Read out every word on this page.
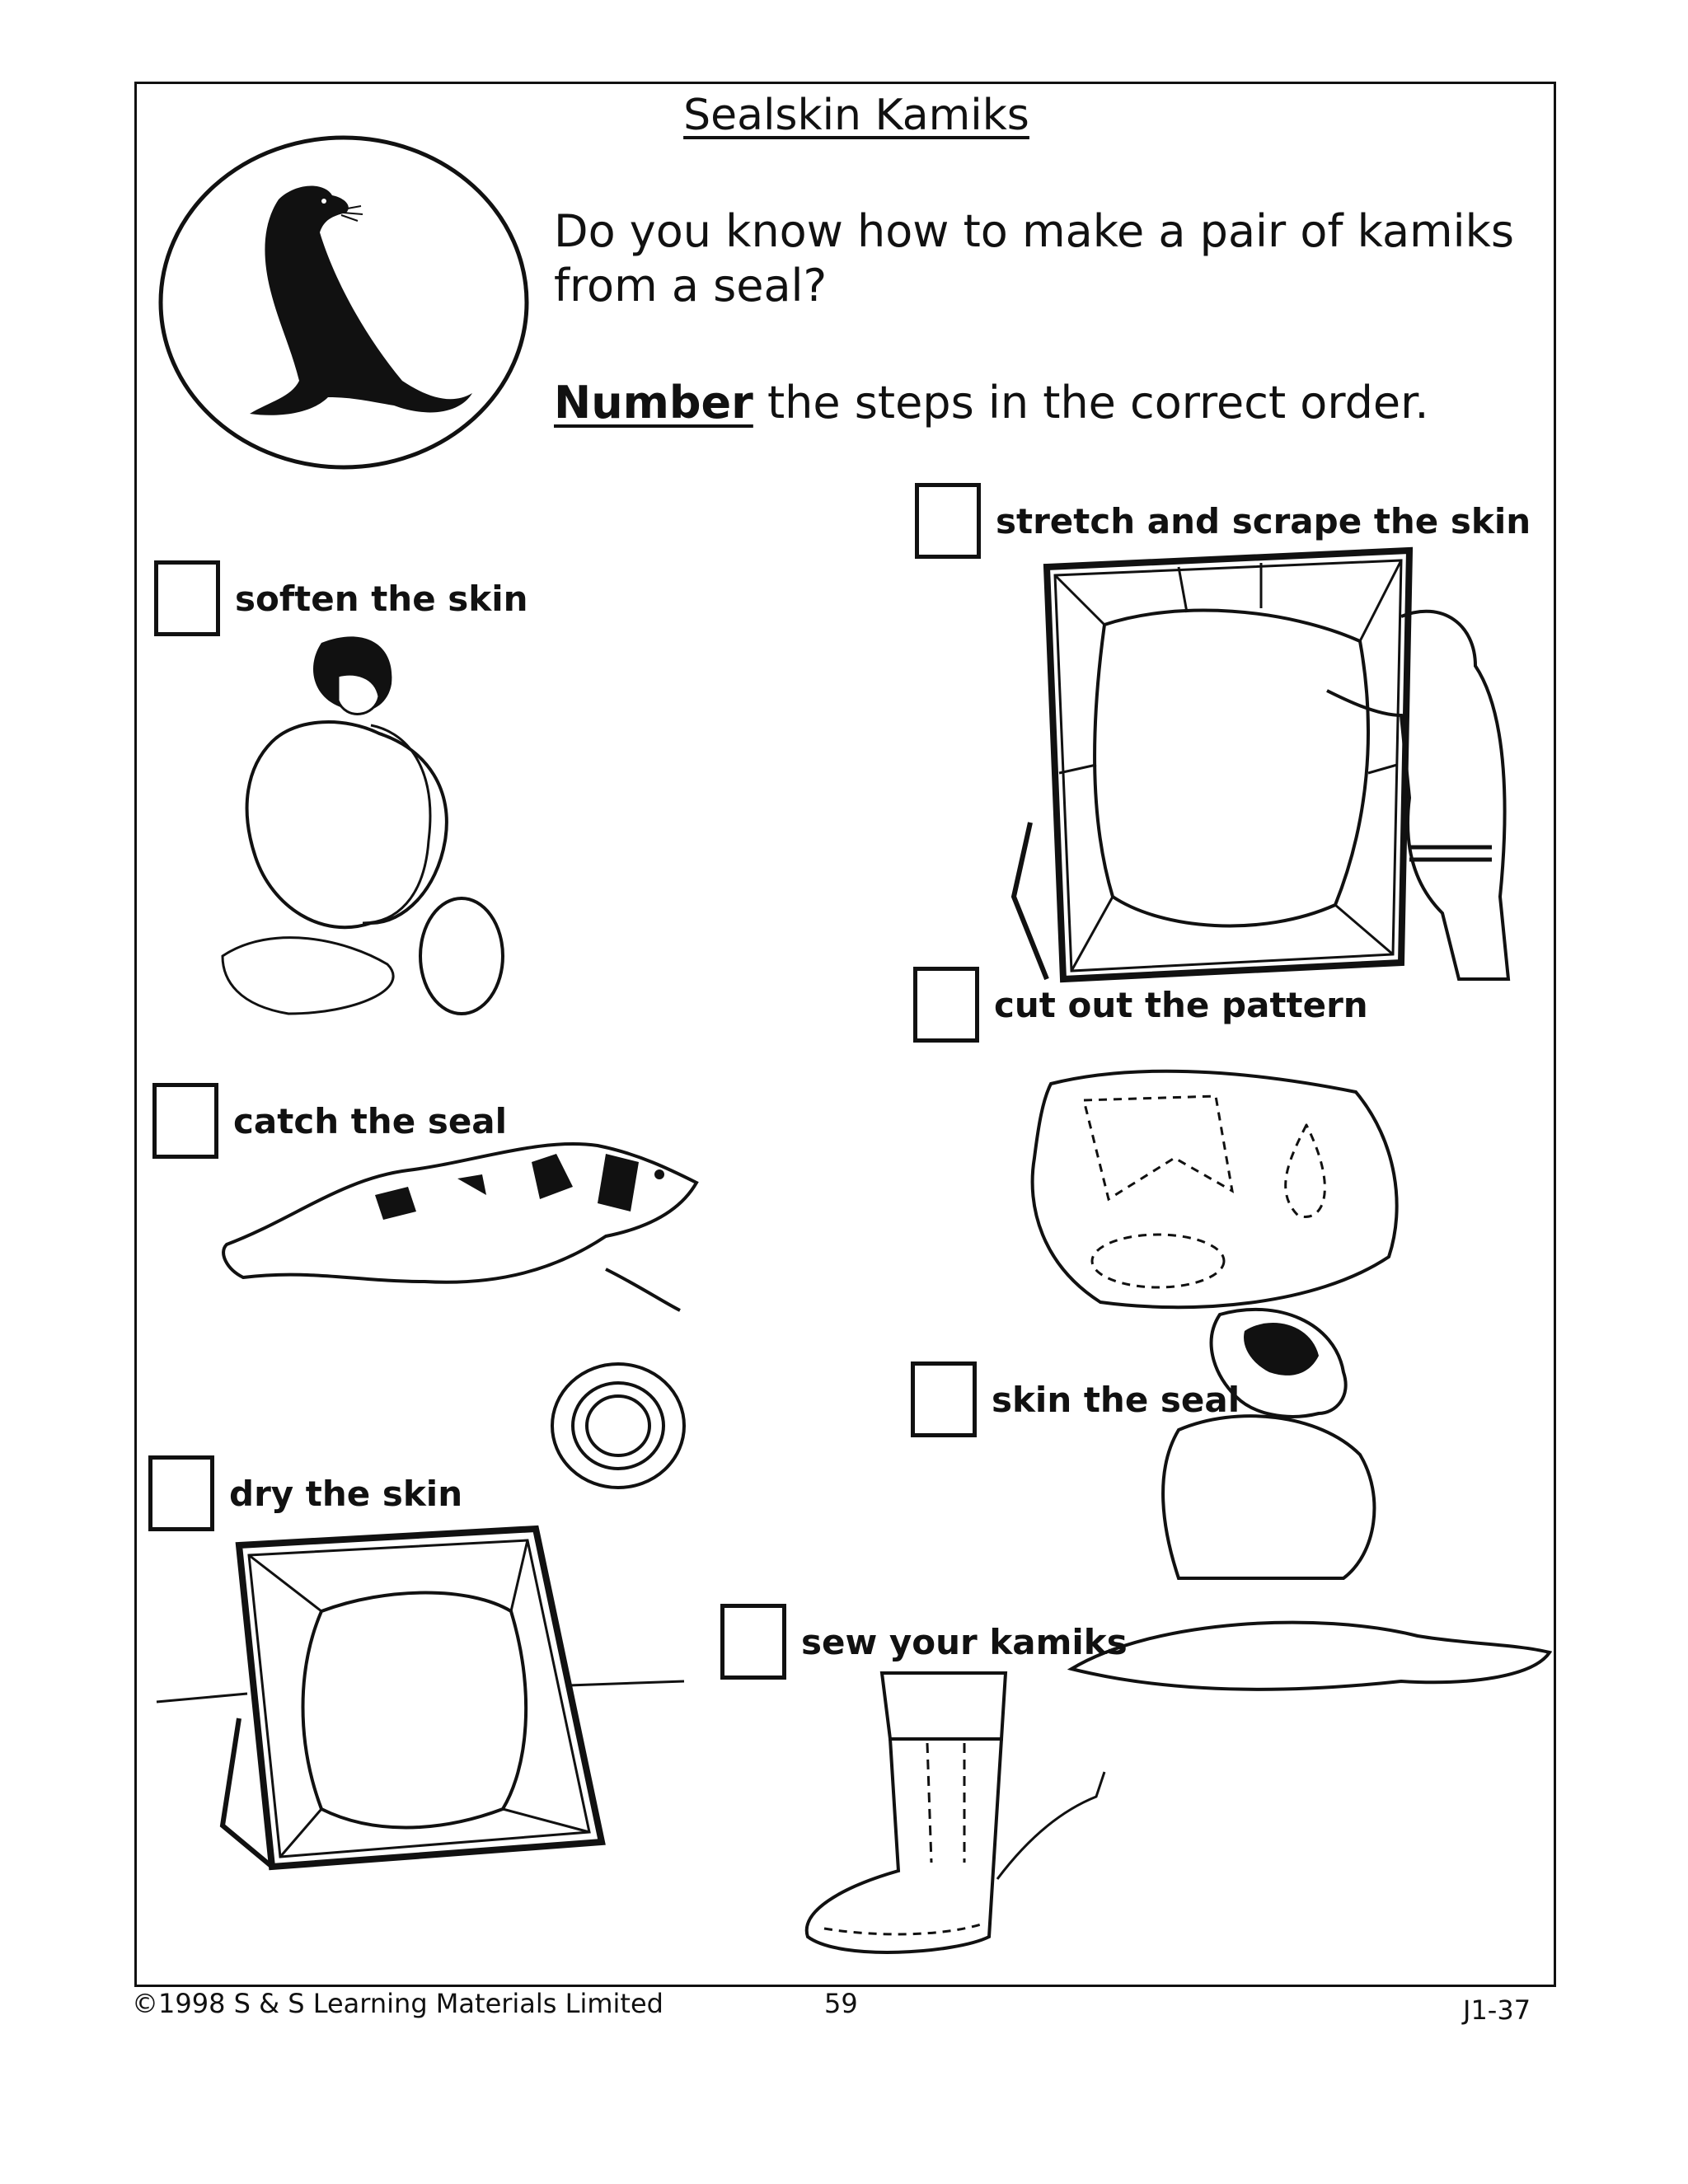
Sealskin Kamiks
Do you know how to make a pair of kamiks from a seal?
Number the steps in the correct order.
stretch and scrape the skin
soften the skin
cut out the pattern
catch the seal
skin the seal
dry the skin
sew your kamiks
©1998 S & S Learning Materials Limited	59	J1-37
